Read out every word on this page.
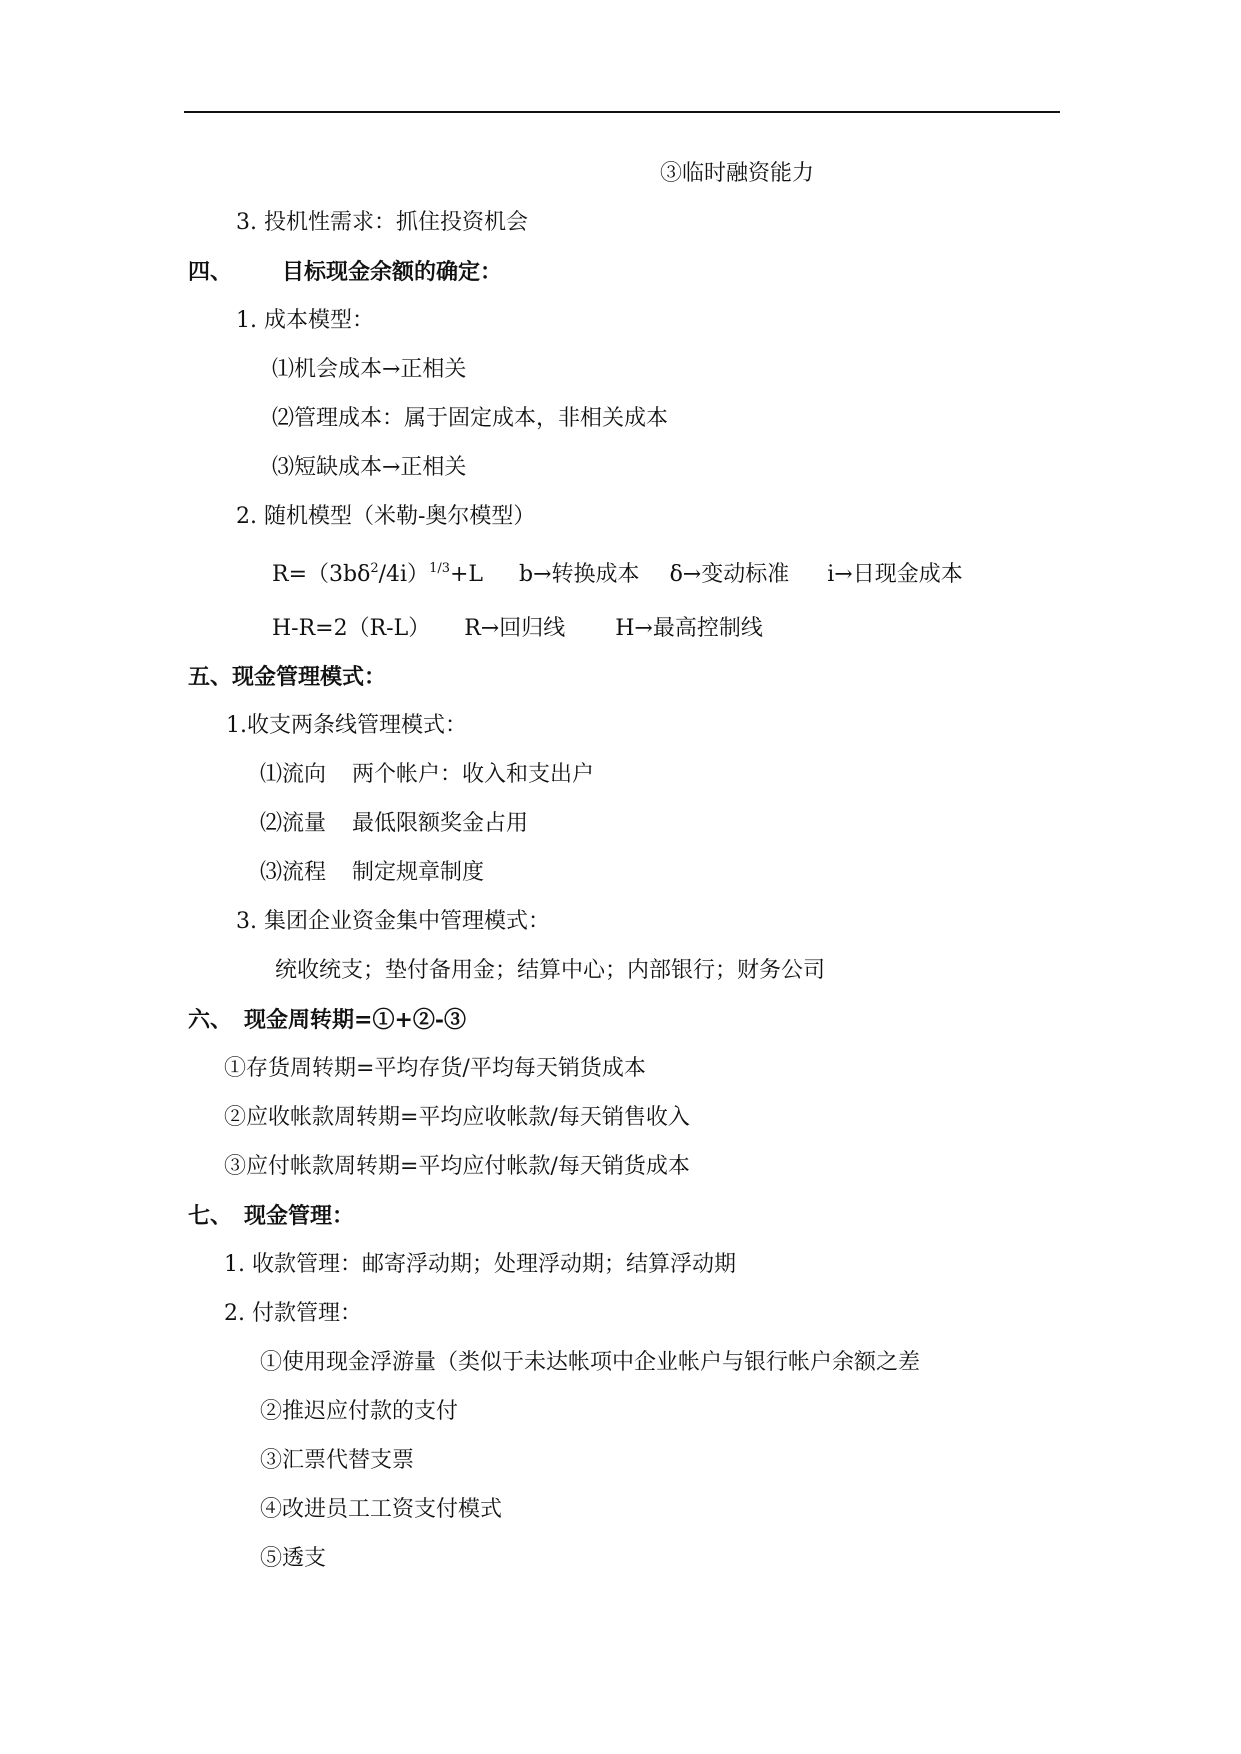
③临时融资能力
3. 投机性需求：抓住投资机会
四、 目标现金余额的确定：
1. 成本模型：
⑴机会成本→正相关
⑵管理成本：属于固定成本，非相关成本
⑶短缺成本→正相关
2. 随机模型（米勒-奥尔模型）
$R=(3b\delta^2/4i)^{1/3}+L$ b→转换成本 δ→变动标准 i→日现金成本
H-R=2（R-L） R→回归线 H→最高控制线
五、现金管理模式：
1.收支两条线管理模式：
⑴流向 两个帐户：收入和支出户
⑵流量 最低限额奖金占用
⑶流程 制定规章制度
3. 集团企业资金集中管理模式：
统收统支；垫付备用金；结算中心；内部银行；财务公司
六、 现金周转期=①+②-③
①存货周转期=平均存货/平均每天销货成本
②应收帐款周转期=平均应收帐款/每天销售收入
③应付帐款周转期=平均应付帐款/每天销货成本
七、 现金管理：
1. 收款管理：邮寄浮动期；处理浮动期；结算浮动期
2. 付款管理：
①使用现金浮游量（类似于未达帐项中企业帐户与银行帐户余额之差
②推迟应付款的支付
③汇票代替支票
④改进员工工资支付模式
⑤透支
